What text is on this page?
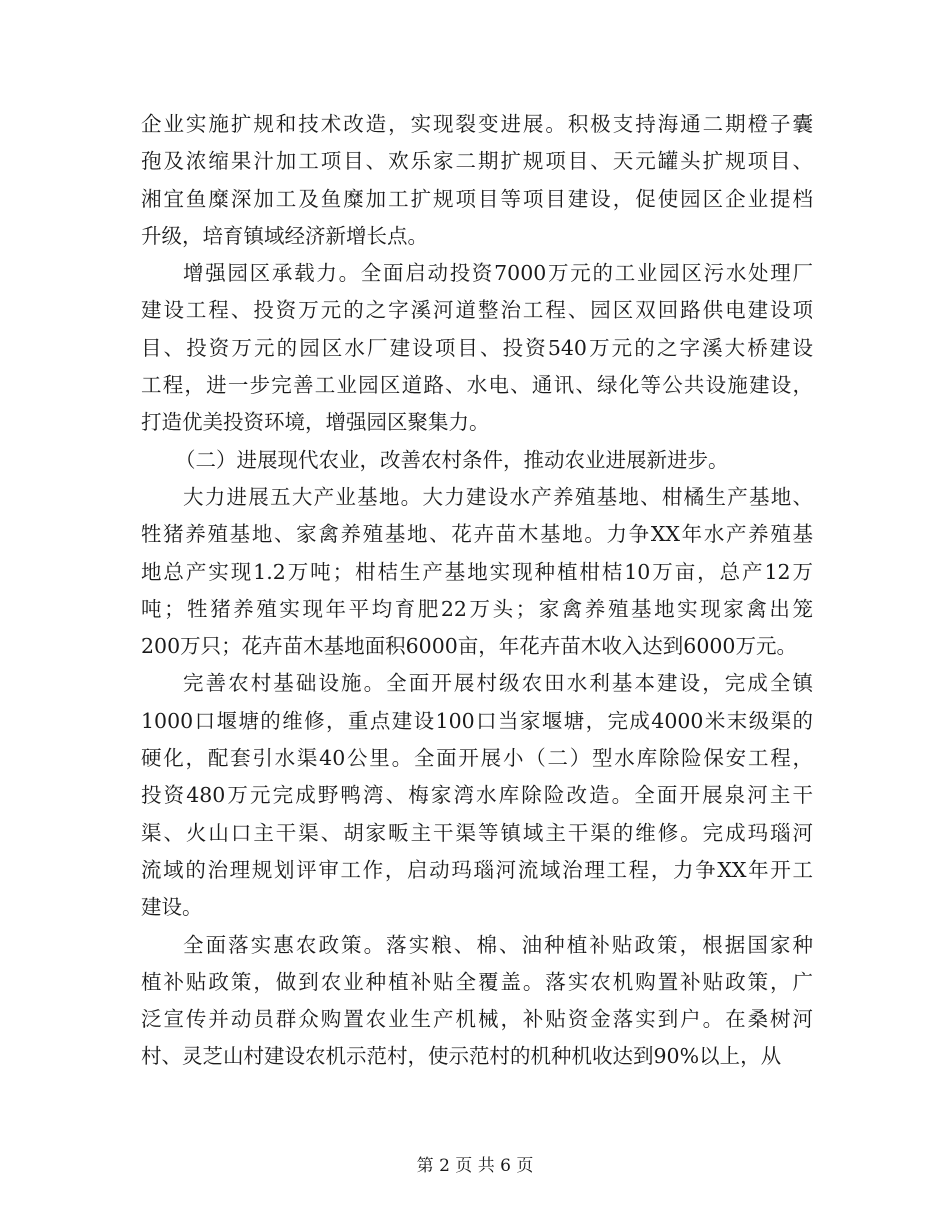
企业实施扩规和技术改造，实现裂变进展。积极支持海通二期橙子囊
孢及浓缩果汁加工项目、欢乐家二期扩规项目、天元罐头扩规项目、
湘宜鱼糜深加工及鱼糜加工扩规项目等项目建设，促使园区企业提档
升级，培育镇域经济新增长点。
增强园区承载力。全面启动投资7000万元的工业园区污水处理厂
建设工程、投资万元的之字溪河道整治工程、园区双回路供电建设项
目、投资万元的园区水厂建设项目、投资540万元的之字溪大桥建设
工程，进一步完善工业园区道路、水电、通讯、绿化等公共设施建设，
打造优美投资环境，增强园区聚集力。
（二）进展现代农业，改善农村条件，推动农业进展新进步。
大力进展五大产业基地。大力建设水产养殖基地、柑橘生产基地、
牲猪养殖基地、家禽养殖基地、花卉苗木基地。力争XX年水产养殖基
地总产实现1.2万吨；柑桔生产基地实现种植柑桔10万亩，总产12万
吨；牲猪养殖实现年平均育肥22万头；家禽养殖基地实现家禽出笼
200万只；花卉苗木基地面积6000亩，年花卉苗木收入达到6000万元。
完善农村基础设施。全面开展村级农田水利基本建设，完成全镇
1000口堰塘的维修，重点建设100口当家堰塘，完成4000米末级渠的
硬化，配套引水渠40公里。全面开展小（二）型水库除险保安工程，
投资480万元完成野鸭湾、梅家湾水库除险改造。全面开展泉河主干
渠、火山口主干渠、胡家畈主干渠等镇域主干渠的维修。完成玛瑙河
流域的治理规划评审工作，启动玛瑙河流域治理工程，力争XX年开工
建设。
全面落实惠农政策。落实粮、棉、油种植补贴政策，根据国家种
植补贴政策，做到农业种植补贴全覆盖。落实农机购置补贴政策，广
泛宣传并动员群众购置农业生产机械，补贴资金落实到户。在桑树河
村、灵芝山村建设农机示范村，使示范村的机种机收达到90%以上，从
第 2 页 共 6 页
